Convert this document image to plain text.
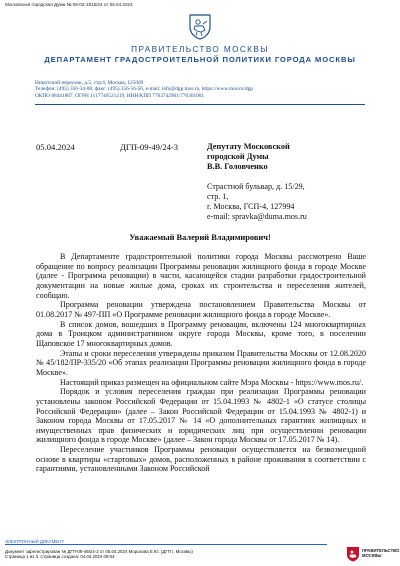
Московская городская Дума № 08-02-1815/24 от 05.04.2024
ПРАВИТЕЛЬСТВО МОСКВЫ
ДЕПАРТАМЕНТ ГРАДОСТРОИТЕЛЬНОЙ ПОЛИТИКИ ГОРОДА МОСКВЫ
Никитский переулок, д.5, стр.6, Москва, 125009
Телефон: (495) 356-34-08, факс: (495) 356-56-56, e-mail: info@dgp.mos.ru, https://www.mos.ru/dgp
ОКПО 88441887, ОГРН 1117746521219, ИНН/КПП 7703742961/770301001
05.04.2024	ДГП-09-49/24-3	Депутату Московской
городской Думы
В.В. Головченко
Страстной бульвар, д. 15/29,
стр. 1,
г. Москва, ГСП-4, 127994
e-mail: spravka@duma.mos.ru
Уважаемый Валерий Владимирович!

В Департаменте градостроительной политики города Москвы рассмотрено Ваше обращение по вопросу реализации Программы реновации жилищного фонда в городе Москве (далее - Программа реновации) в части, касающейся стадии разработки градостроительной документации на новые жилые дома, сроках их строительства и переселения жителей, сообщаю.

Программа реновации утверждена постановлением Правительства Москвы от 01.08.2017 № 497-ПП «О Программе реновации жилищного фонда в городе Москве».

В список домов, вошедших в Программу реновации, включены 124 многоквартирных дома в Троицком административном округе города Москвы, кроме того, в поселении Щаповское 17 многоквартирных домов.

Этапы и сроки переселения утверждены приказом Правительства Москвы от 12.08.2020 № 45/182/ПР-335/20 «Об этапах реализации Программы реновации жилищного фонда в городе Москве».

Настоящий приказ размещен на официальном сайте Мэра Москвы - https://www.mos.ru/.

Порядок и условия переселения граждан при реализации Программы реновации установлены законом Российской Федерации от 15.04.1993 № 4802-1 «О статусе столицы Российской Федерации» (далее – Закон Российской Федерации от 15.04.1993 № 4802-1) и Законом города Москвы от 17.05.2017 № 14 «О дополнительных гарантиях жилищных и имущественных прав физических и юридических лиц при осуществлении реновации жилищного фонда в городе Москве» (далее – Закон города Москвы от 17.05.2017 № 14).

Переселение участников Программы реновации осуществляется на безвозмездной основе в квартиры «стартовых» домов, расположенных в районе проживания в соответствии с гарантиями, установленными Законом Российской

ЭЛЕКТРОННЫЙ ДОКУМЕНТ
Документ зарегистрирован № ДГП-09-49/24-3 от 05.04.2024 Морозова Е.Ю. (ДГП г. Москвы)
Страница 1 из 3. Страница создана: 04.04.2024 09:04
ПРАВИТЕЛЬСТВО
МОСКВЫ
